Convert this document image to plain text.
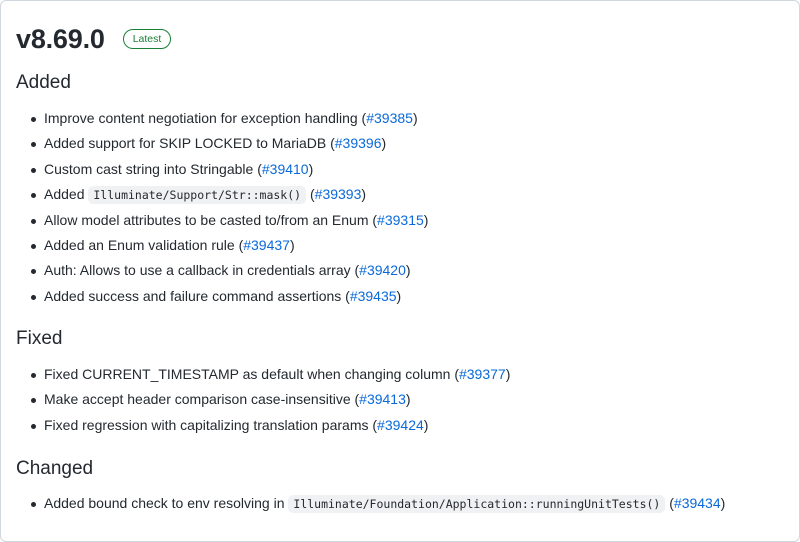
v8.69.0	Latest
Added
Improve content negotiation for exception handling (#39385)
Added support for SKIP LOCKED to MariaDB (#39396)
Custom cast string into Stringable (#39410)
Added Illuminate/Support/Str::mask() (#39393)
Allow model attributes to be casted to/from an Enum (#39315)
Added an Enum validation rule (#39437)
Auth: Allows to use a callback in credentials array (#39420)
Added success and failure command assertions (#39435)
Fixed
Fixed CURRENT_TIMESTAMP as default when changing column (#39377)
Make accept header comparison case-insensitive (#39413)
Fixed regression with capitalizing translation params (#39424)
Changed
Added bound check to env resolving in Illuminate/Foundation/Application::runningUnitTests() (#39434)
